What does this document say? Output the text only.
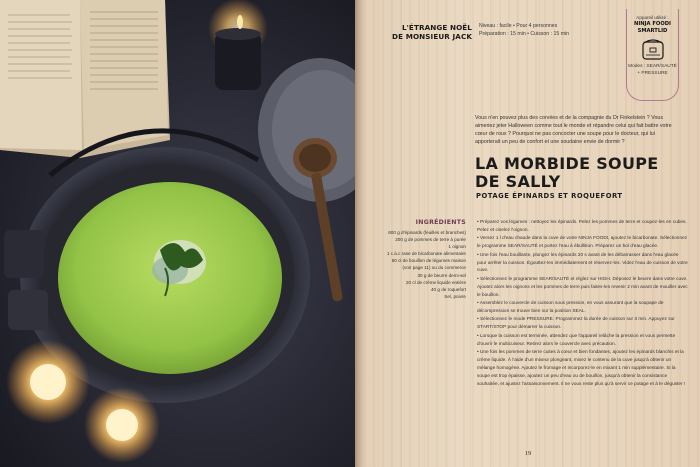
L'ÉTRANGE NOËL
DE MONSIEUR JACK
Niveau : facile • Pour 4 personnes
Préparation : 15 min • Cuisson : 15 min
Appareil utilisé :
NINJA FOODI
SMARTLID
Modes : SEAR/SAUTÉ
+ PRESSURE
Vous n'en pouvez plus des corvées et de la compagnie du Dr Finkelstein ? Vous aimeriez jeter Halloween comme tout le monde et répandre celui qui fait battre votre cœur de roux ? Pourquoi ne pas concocter une soupe pour le docteur, qui lui apporterait un peu de confort et une soudaine envie de dormir ?
LA MORBIDE SOUPE
DE SALLY
POTAGE ÉPINARDS ET ROQUEFORT
INGRÉDIENTS
600 g d'épinards (feuilles et branches)
200 g de pommes de terre à purée
1 oignon
1 c.à.c rase de bicarbonate alimentaire
60 cl de bouillon de légumes maison
(voir page 11) ou du commerce
30 g de beurre demi-sel
20 cl de crème liquide entière
40 g de roquefort
Sel, poivre
• Préparez vos légumes : nettoyez les épinards. Pelez les pommes de terre et coupez-les en cubes. Pelez et ciselez l'oignon.
• Versez 1 l d'eau chaude dans la cuve de votre NINJA FOODI, ajoutez le bicarbonate. Sélectionnez le programme SEAR/SAUTÉ et portez l'eau à ébullition. Préparez un bol d'eau glacée.
• Une fois l'eau bouillante, plongez les épinards 20 s avant de les débarrasser dans l'eau glacée pour arrêter la cuisson. Égouttez-les immédiatement et réservez-les. Videz l'eau de cuisson de votre cuve.
• Sélectionnez le programme SEAR/SAUTÉ et réglez sur HIGH. Déposez le beurre dans votre cuve. Ajoutez alors les oignons et les pommes de terre puis faites-les revenir 2 min avant de mouiller avec le bouillon.
• Assemblez le couvercle de cuisson sous pression, en vous assurant que la soupape de décompression se trouve bien sur la position SEAL.
• Sélectionnez le mode PRESSURE. Programmez la durée de cuisson sur 3 min. Appuyez sur START/STOP pour démarrer la cuisson.
• Lorsque la cuisson est terminée, attendez que l'appareil relâche la pression et vous permette d'ouvrir le multicuiseur. Retirez alors le couvercle avec précaution.
• Une fois les pommes de terre cuites à cœur et bien fondantes, ajoutez les épinards blanchis et la crème liquide. À l'aide d'un mixeur plongeant, mixez le contenu de la cuve jusqu'à obtenir un mélange homogène. Ajoutez le fromage et incorporez-le en mixant 1 min supplémentaire. Si la soupe est trop épaisse, ajoutez un peu d'eau ou de bouillon, jusqu'à obtenir la consistance souhaitée, et ajustez l'assaisonnement. Il ne vous reste plus qu'à servir ce potage et à le déguster !
19
